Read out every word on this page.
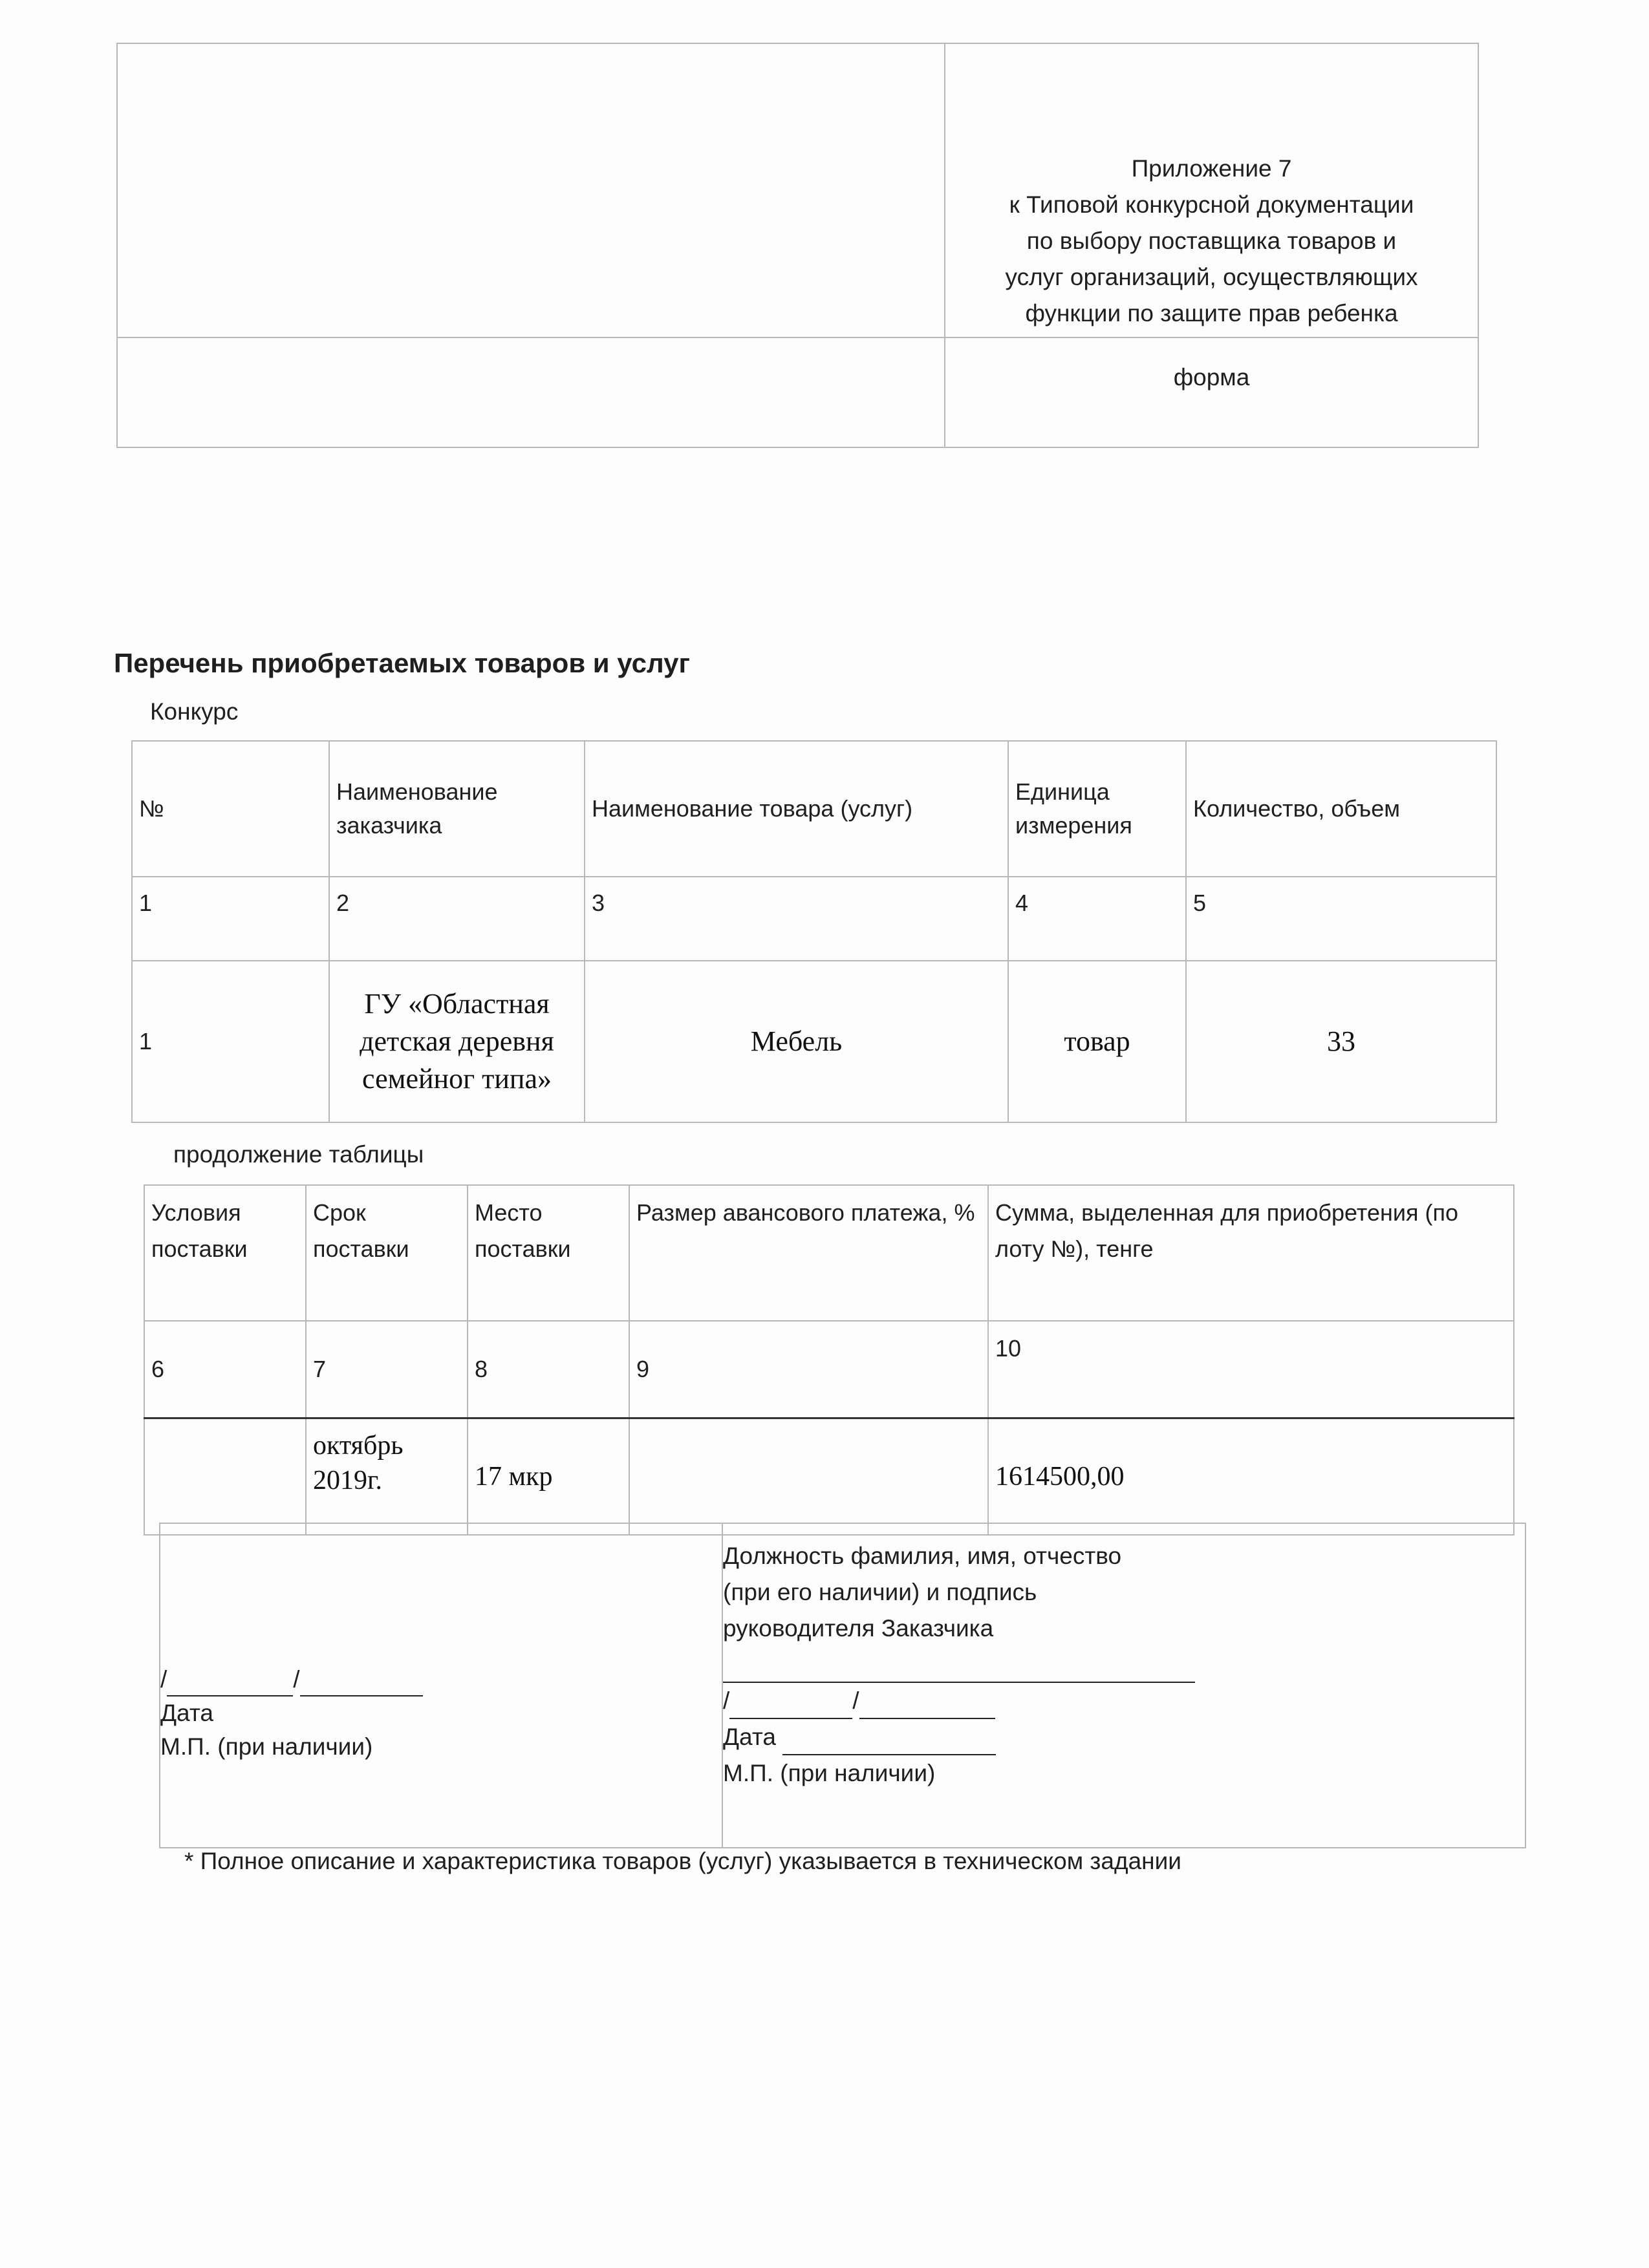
	Приложение 7
к Типовой конкурсной документации
по выбору поставщика товаров и
услуг организаций, осуществляющих
функции по защите прав ребенка

	форма
Перечень приобретаемых товаров и услуг
Конкурс
№	Наименование заказчика	Наименование товара (услуг)	Единица измерения	Количество, объем
1	2	3	4	5
1	ГУ «Областная
детская деревня
семейног типа»	Мебель	товар	33
продолжение таблицы
Условия поставки	Срок поставки	Место поставки	Размер авансового платежа, %	Сумма, выделенная для приобретения (по лоту №), тенге
6	7	8	9	10

	октябрь
2019г.	17 мкр		1614500,00
/	/
Дата
М.П. (при наличии)

Должность фамилия, имя, отчество
(при его наличии) и подпись
руководителя Заказчика
/	/
Дата
М.П. (при наличии)
* Полное описание и характеристика товаров (услуг) указывается в техническом задании
